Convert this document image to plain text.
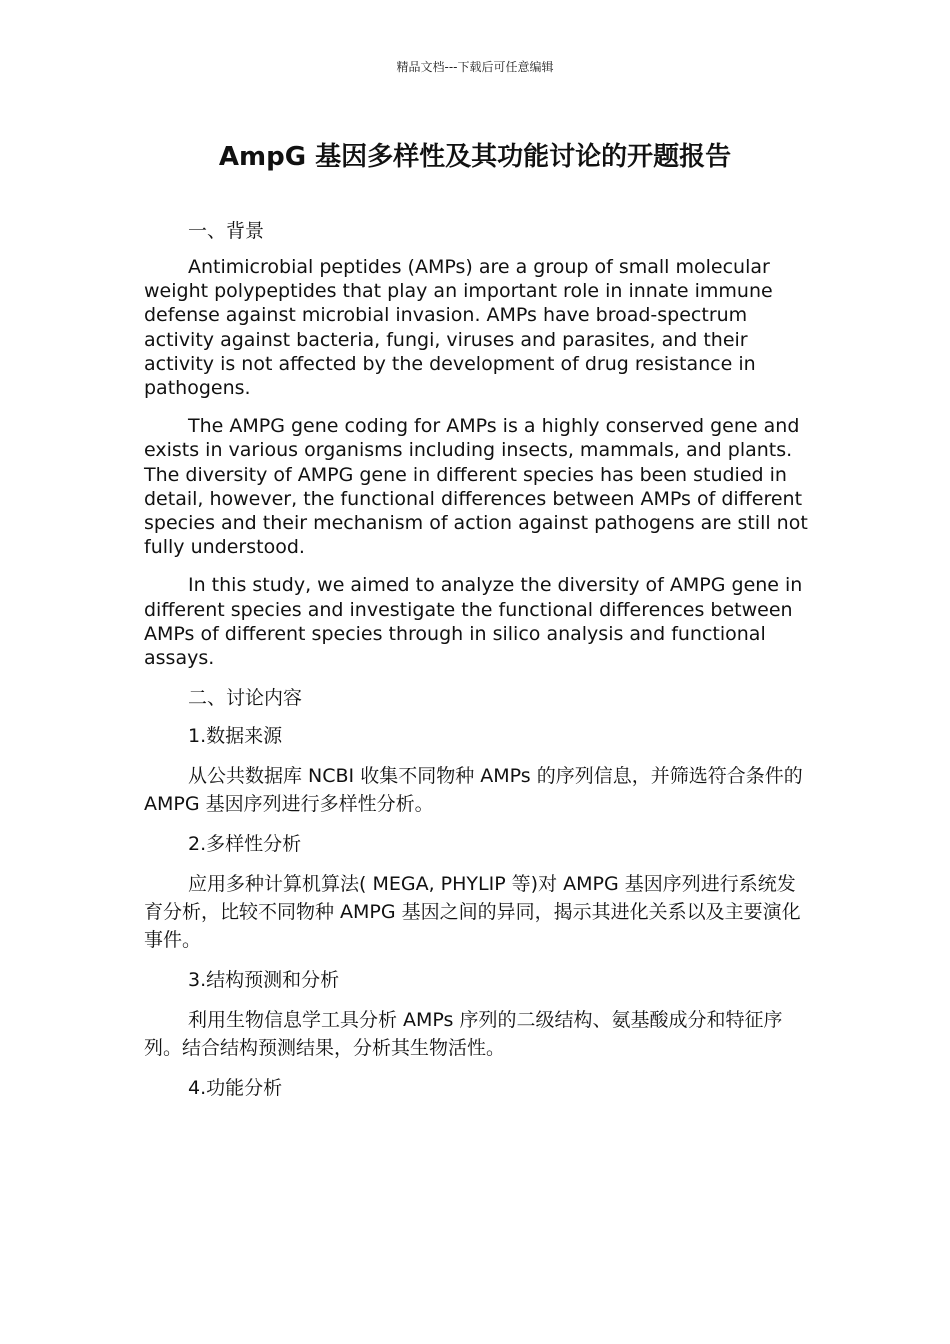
精品文档---下载后可任意编辑
AmpG 基因多样性及其功能讨论的开题报告

一、背景

Antimicrobial peptides (AMPs) are a group of small molecular weight polypeptides that play an important role in innate immune defense against microbial invasion. AMPs have broad-spectrum activity against bacteria, fungi, viruses and parasites, and their activity is not affected by the development of drug resistance in pathogens.

The AMPG gene coding for AMPs is a highly conserved gene and exists in various organisms including insects, mammals, and plants. The diversity of AMPG gene in different species has been studied in detail, however, the functional differences between AMPs of different species and their mechanism of action against pathogens are still not fully understood.

In this study, we aimed to analyze the diversity of AMPG gene in different species and investigate the functional differences between AMPs of different species through in silico analysis and functional assays.

二、讨论内容

1.数据来源

从公共数据库 NCBI 收集不同物种 AMPs 的序列信息，并筛选符合条件的 AMPG 基因序列进行多样性分析。

2.多样性分析

应用多种计算机算法( MEGA, PHYLIP 等)对 AMPG 基因序列进行系统发育分析，比较不同物种 AMPG 基因之间的异同，揭示其进化关系以及主要演化事件。

3.结构预测和分析

利用生物信息学工具分析 AMPs 序列的二级结构、氨基酸成分和特征序列。结合结构预测结果，分析其生物活性。

4.功能分析
